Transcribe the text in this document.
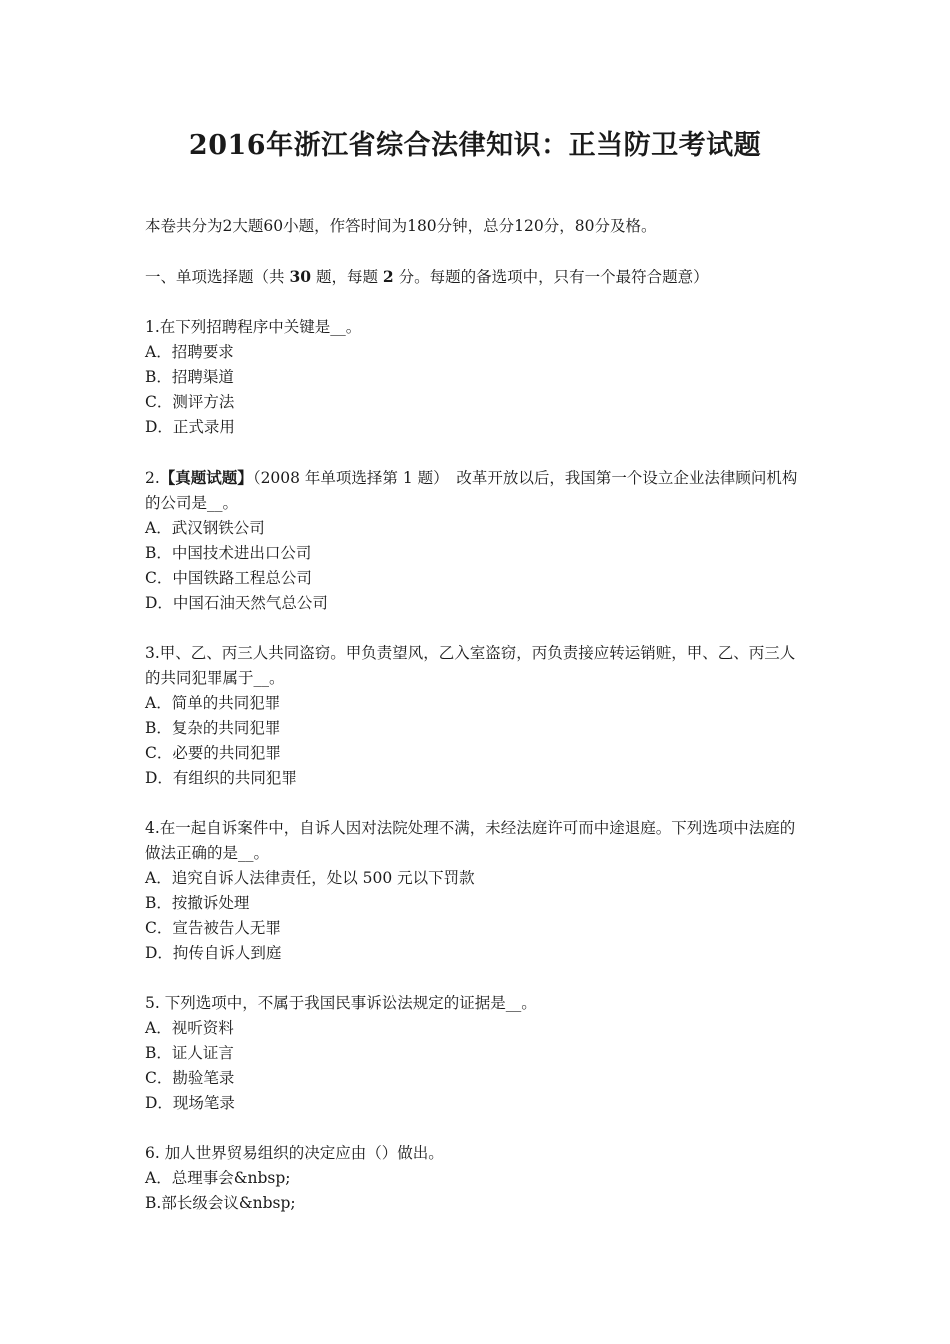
2016年浙江省综合法律知识：正当防卫考试题
本卷共分为2大题60小题，作答时间为180分钟，总分120分，80分及格。
一、单项选择题（共 30 题，每题 2 分。每题的备选项中，只有一个最符合题意）
1.在下列招聘程序中关键是__。
A．招聘要求
B．招聘渠道
C．测评方法
D．正式录用
2.【真题试题】（2008 年单项选择第 1 题）　改革开放以后，我国第一个设立企业法律顾问机构的公司是__。
A．武汉钢铁公司
B．中国技术进出口公司
C．中国铁路工程总公司
D．中国石油天然气总公司
3.甲、乙、丙三人共同盗窃。甲负责望风，乙入室盗窃，丙负责接应转运销赃，甲、乙、丙三人的共同犯罪属于__。
A．简单的共同犯罪
B．复杂的共同犯罪
C．必要的共同犯罪
D．有组织的共同犯罪
4.在一起自诉案件中，自诉人因对法院处理不满，未经法庭许可而中途退庭。下列选项中法庭的做法正确的是__。
A．追究自诉人法律责任，处以 500 元以下罚款
B．按撤诉处理
C．宣告被告人无罪
D．拘传自诉人到庭
5. 下列选项中，不属于我国民事诉讼法规定的证据是__。
A．视听资料
B．证人证言
C．勘验笔录
D．现场笔录
6. 加人世界贸易组织的决定应由（）做出。
A．总理事会&nbsp;
B.部长级会议&nbsp;
